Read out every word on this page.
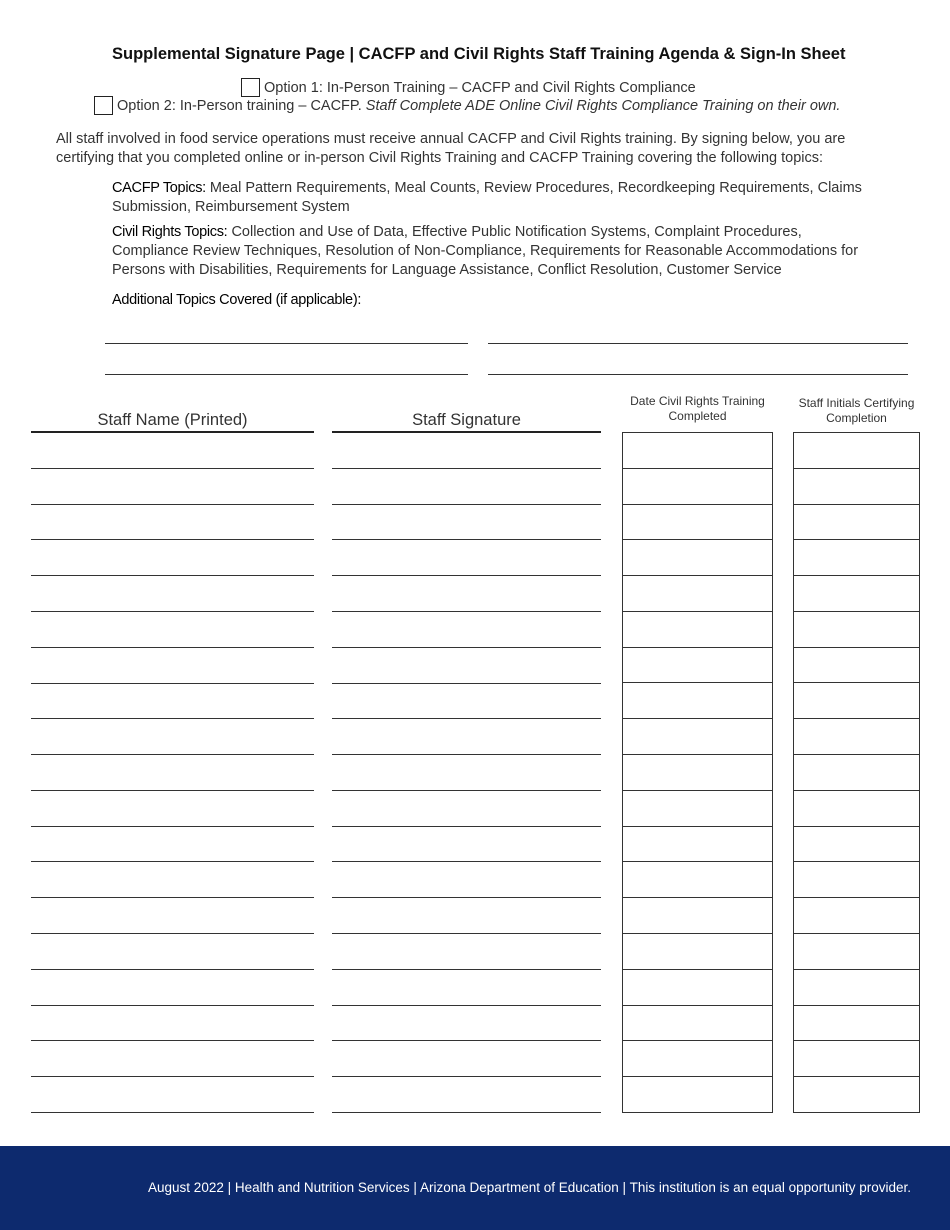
Supplemental Signature Page | CACFP and Civil Rights Staff Training Agenda & Sign-In Sheet
Option 1: In-Person Training – CACFP and Civil Rights Compliance
Option 2: In-Person training – CACFP. Staff Complete ADE Online Civil Rights Compliance Training on their own.
All staff involved in food service operations must receive annual CACFP and Civil Rights training. By signing below, you are certifying that you completed online or in-person Civil Rights Training and CACFP Training covering the following topics:
CACFP Topics: Meal Pattern Requirements, Meal Counts, Review Procedures, Recordkeeping Requirements, Claims Submission, Reimbursement System
Civil Rights Topics: Collection and Use of Data, Effective Public Notification Systems, Complaint Procedures, Compliance Review Techniques, Resolution of Non-Compliance, Requirements for Reasonable Accommodations for Persons with Disabilities, Requirements for Language Assistance, Conflict Resolution, Customer Service
Additional Topics Covered (if applicable):
Staff Name (Printed)	Staff Signature
Date Civil Rights Training Completed
Staff Initials Certifying Completion
August 2022 | Health and Nutrition Services | Arizona Department of Education | This institution is an equal opportunity provider.
